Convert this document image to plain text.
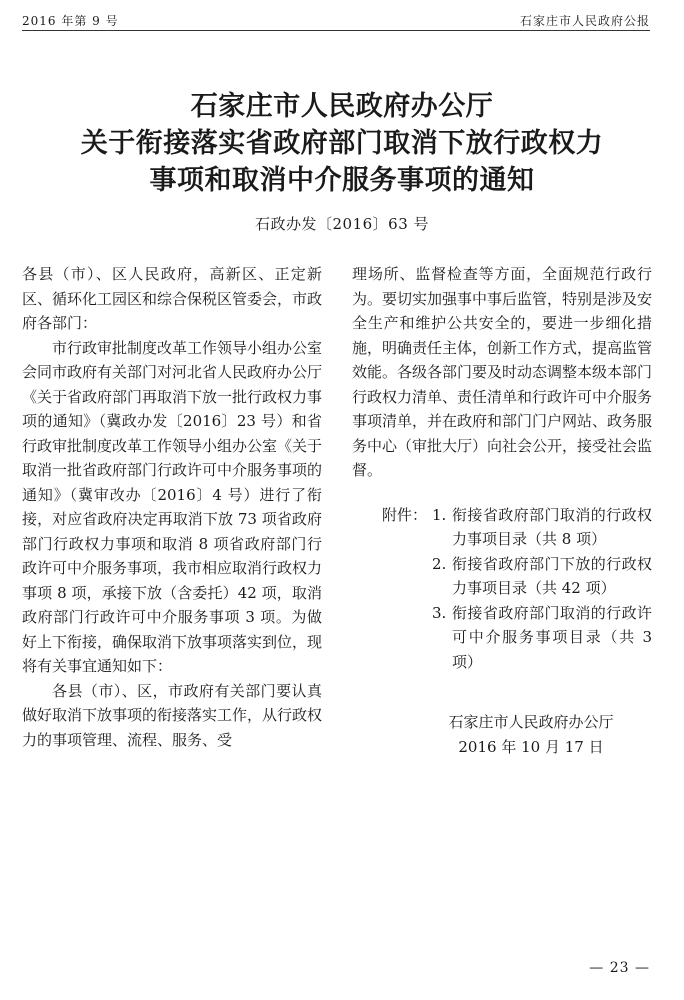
2016 年第 9 号	石家庄市人民政府公报
石家庄市人民政府办公厅
关于衔接落实省政府部门取消下放行政权力
事项和取消中介服务事项的通知
石政办发〔2016〕63 号

各县（市）、区人民政府，高新区、正定新区、循环化工园区和综合保税区管委会，市政府各部门：

市行政审批制度改革工作领导小组办公室会同市政府有关部门对河北省人民政府办公厅《关于省政府部门再取消下放一批行政权力事项的通知》（冀政办发〔2016〕23 号）和省行政审批制度改革工作领导小组办公室《关于取消一批省政府部门行政许可中介服务事项的通知》（冀审改办〔2016〕4 号）进行了衔接，对应省政府决定再取消下放 73 项省政府部门行政权力事项和取消 8 项省政府部门行政许可中介服务事项，我市相应取消行政权力事项 8 项，承接下放（含委托）42 项，取消政府部门行政许可中介服务事项 3 项。为做好上下衔接，确保取消下放事项落实到位，现将有关事宜通知如下：

各县（市）、区，市政府有关部门要认真做好取消下放事项的衔接落实工作，从行政权力的事项管理、流程、服务、受

理场所、监督检查等方面，全面规范行政行为。要切实加强事中事后监管，特别是涉及安全生产和维护公共安全的，要进一步细化措施，明确责任主体，创新工作方式，提高监管效能。各级各部门要及时动态调整本级本部门行政权力清单、责任清单和行政许可中介服务事项清单，并在政府和部门门户网站、政务服务中心（审批大厅）向社会公开，接受社会监督。

附件： 1. 衔接省政府部门取消的行政权力事项目录（共 8 项）
2. 衔接省政府部门下放的行政权力事项目录（共 42 项）
3. 衔接省政府部门取消的行政许可中介服务事项目录（共 3 项）
石家庄市人民政府办公厅
2016 年 10 月 17 日
— 23 —
